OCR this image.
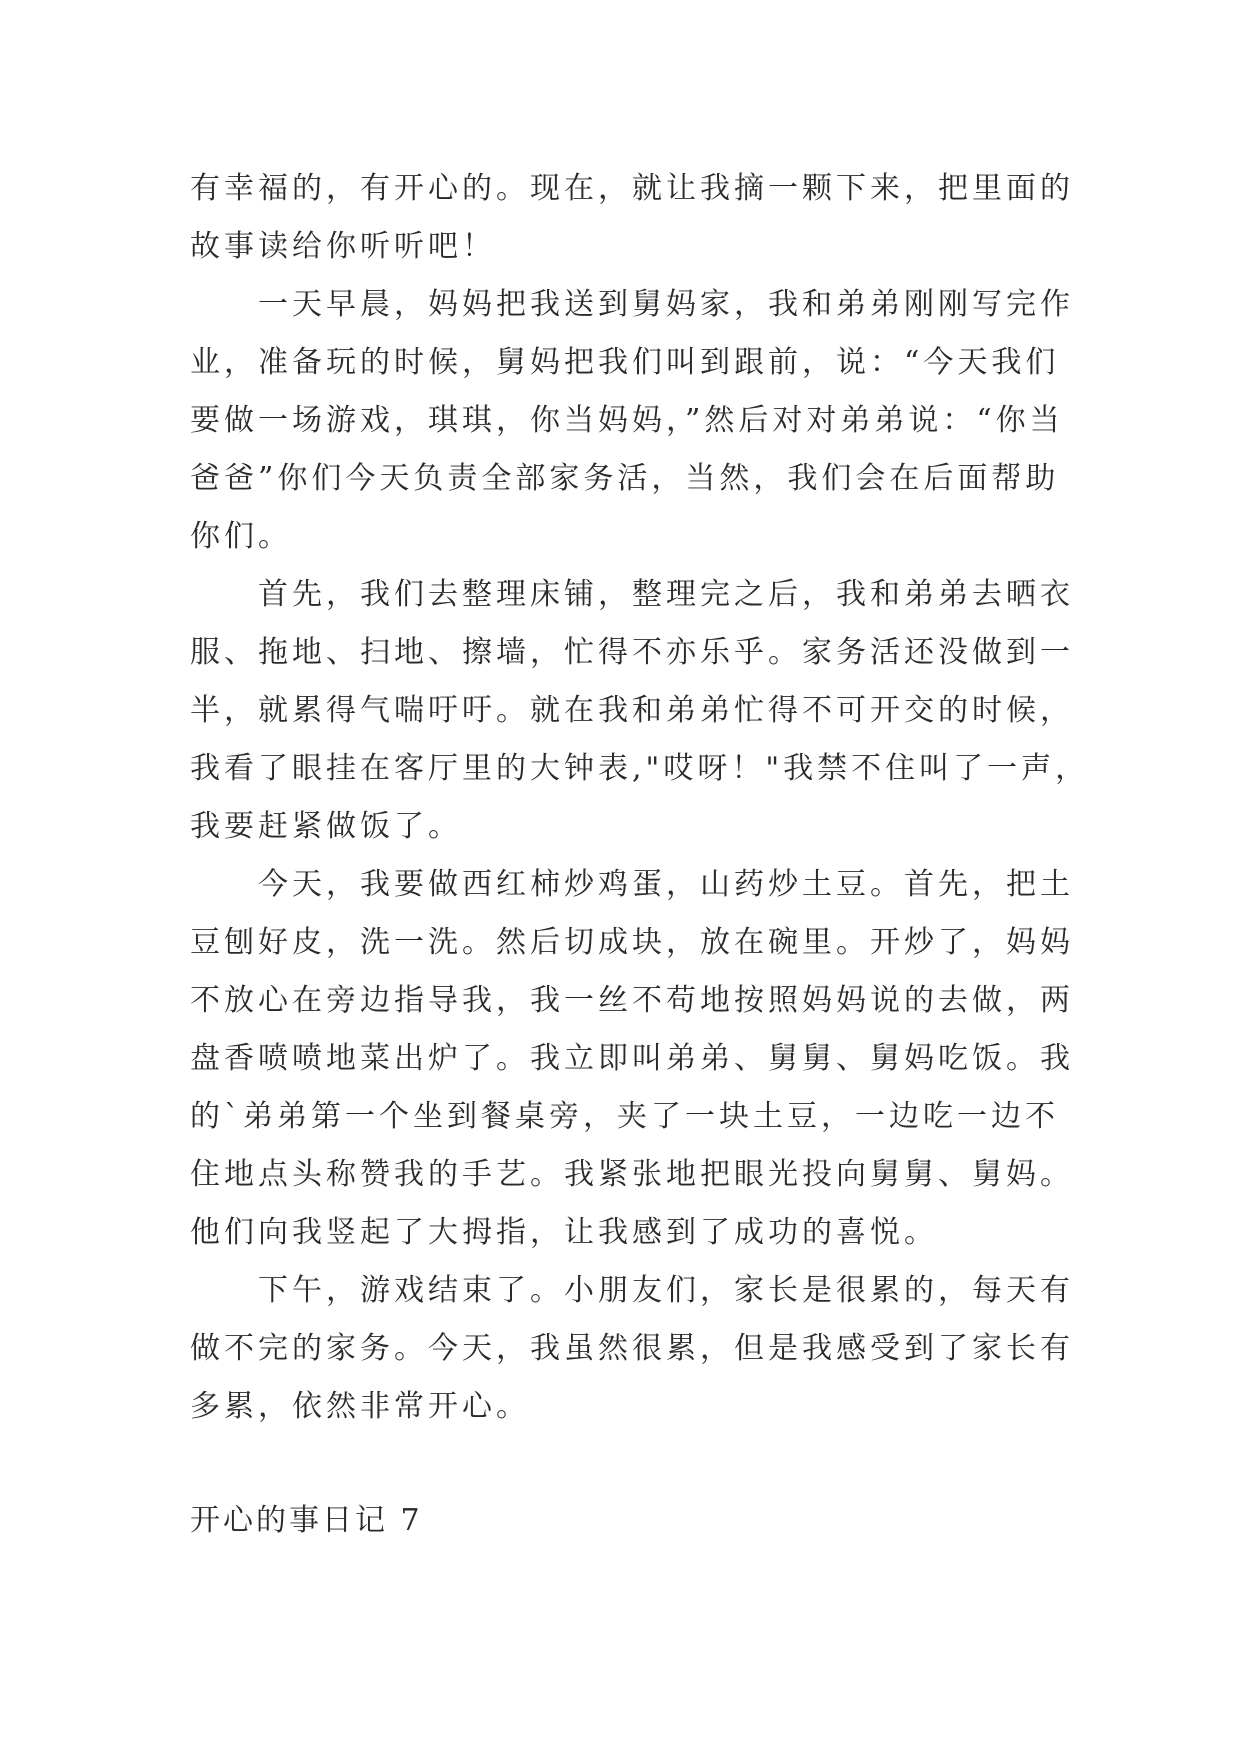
有幸福的，有开心的。现在，就让我摘一颗下来，把里面的
故事读给你听听吧！
一天早晨，妈妈把我送到舅妈家，我和弟弟刚刚写完作
业，准备玩的时候，舅妈把我们叫到跟前，说：“今天我们
要做一场游戏，琪琪，你当妈妈，”然后对对弟弟说：“你当
爸爸”你们今天负责全部家务活，当然，我们会在后面帮助
你们。
首先，我们去整理床铺，整理完之后，我和弟弟去晒衣
服、拖地、扫地、擦墙，忙得不亦乐乎。家务活还没做到一
半，就累得气喘吁吁。就在我和弟弟忙得不可开交的时候，
我看了眼挂在客厅里的大钟表,"哎呀！"我禁不住叫了一声，
我要赶紧做饭了。
今天，我要做西红柿炒鸡蛋，山药炒土豆。首先，把土
豆刨好皮，洗一洗。然后切成块，放在碗里。开炒了，妈妈
不放心在旁边指导我，我一丝不苟地按照妈妈说的去做，两
盘香喷喷地菜出炉了。我立即叫弟弟、舅舅、舅妈吃饭。我
的`弟弟第一个坐到餐桌旁，夹了一块土豆，一边吃一边不
住地点头称赞我的手艺。我紧张地把眼光投向舅舅、舅妈。
他们向我竖起了大拇指，让我感到了成功的喜悦。
下午，游戏结束了。小朋友们，家长是很累的，每天有
做不完的家务。今天，我虽然很累，但是我感受到了家长有
多累，依然非常开心。
开心的事日记 7
